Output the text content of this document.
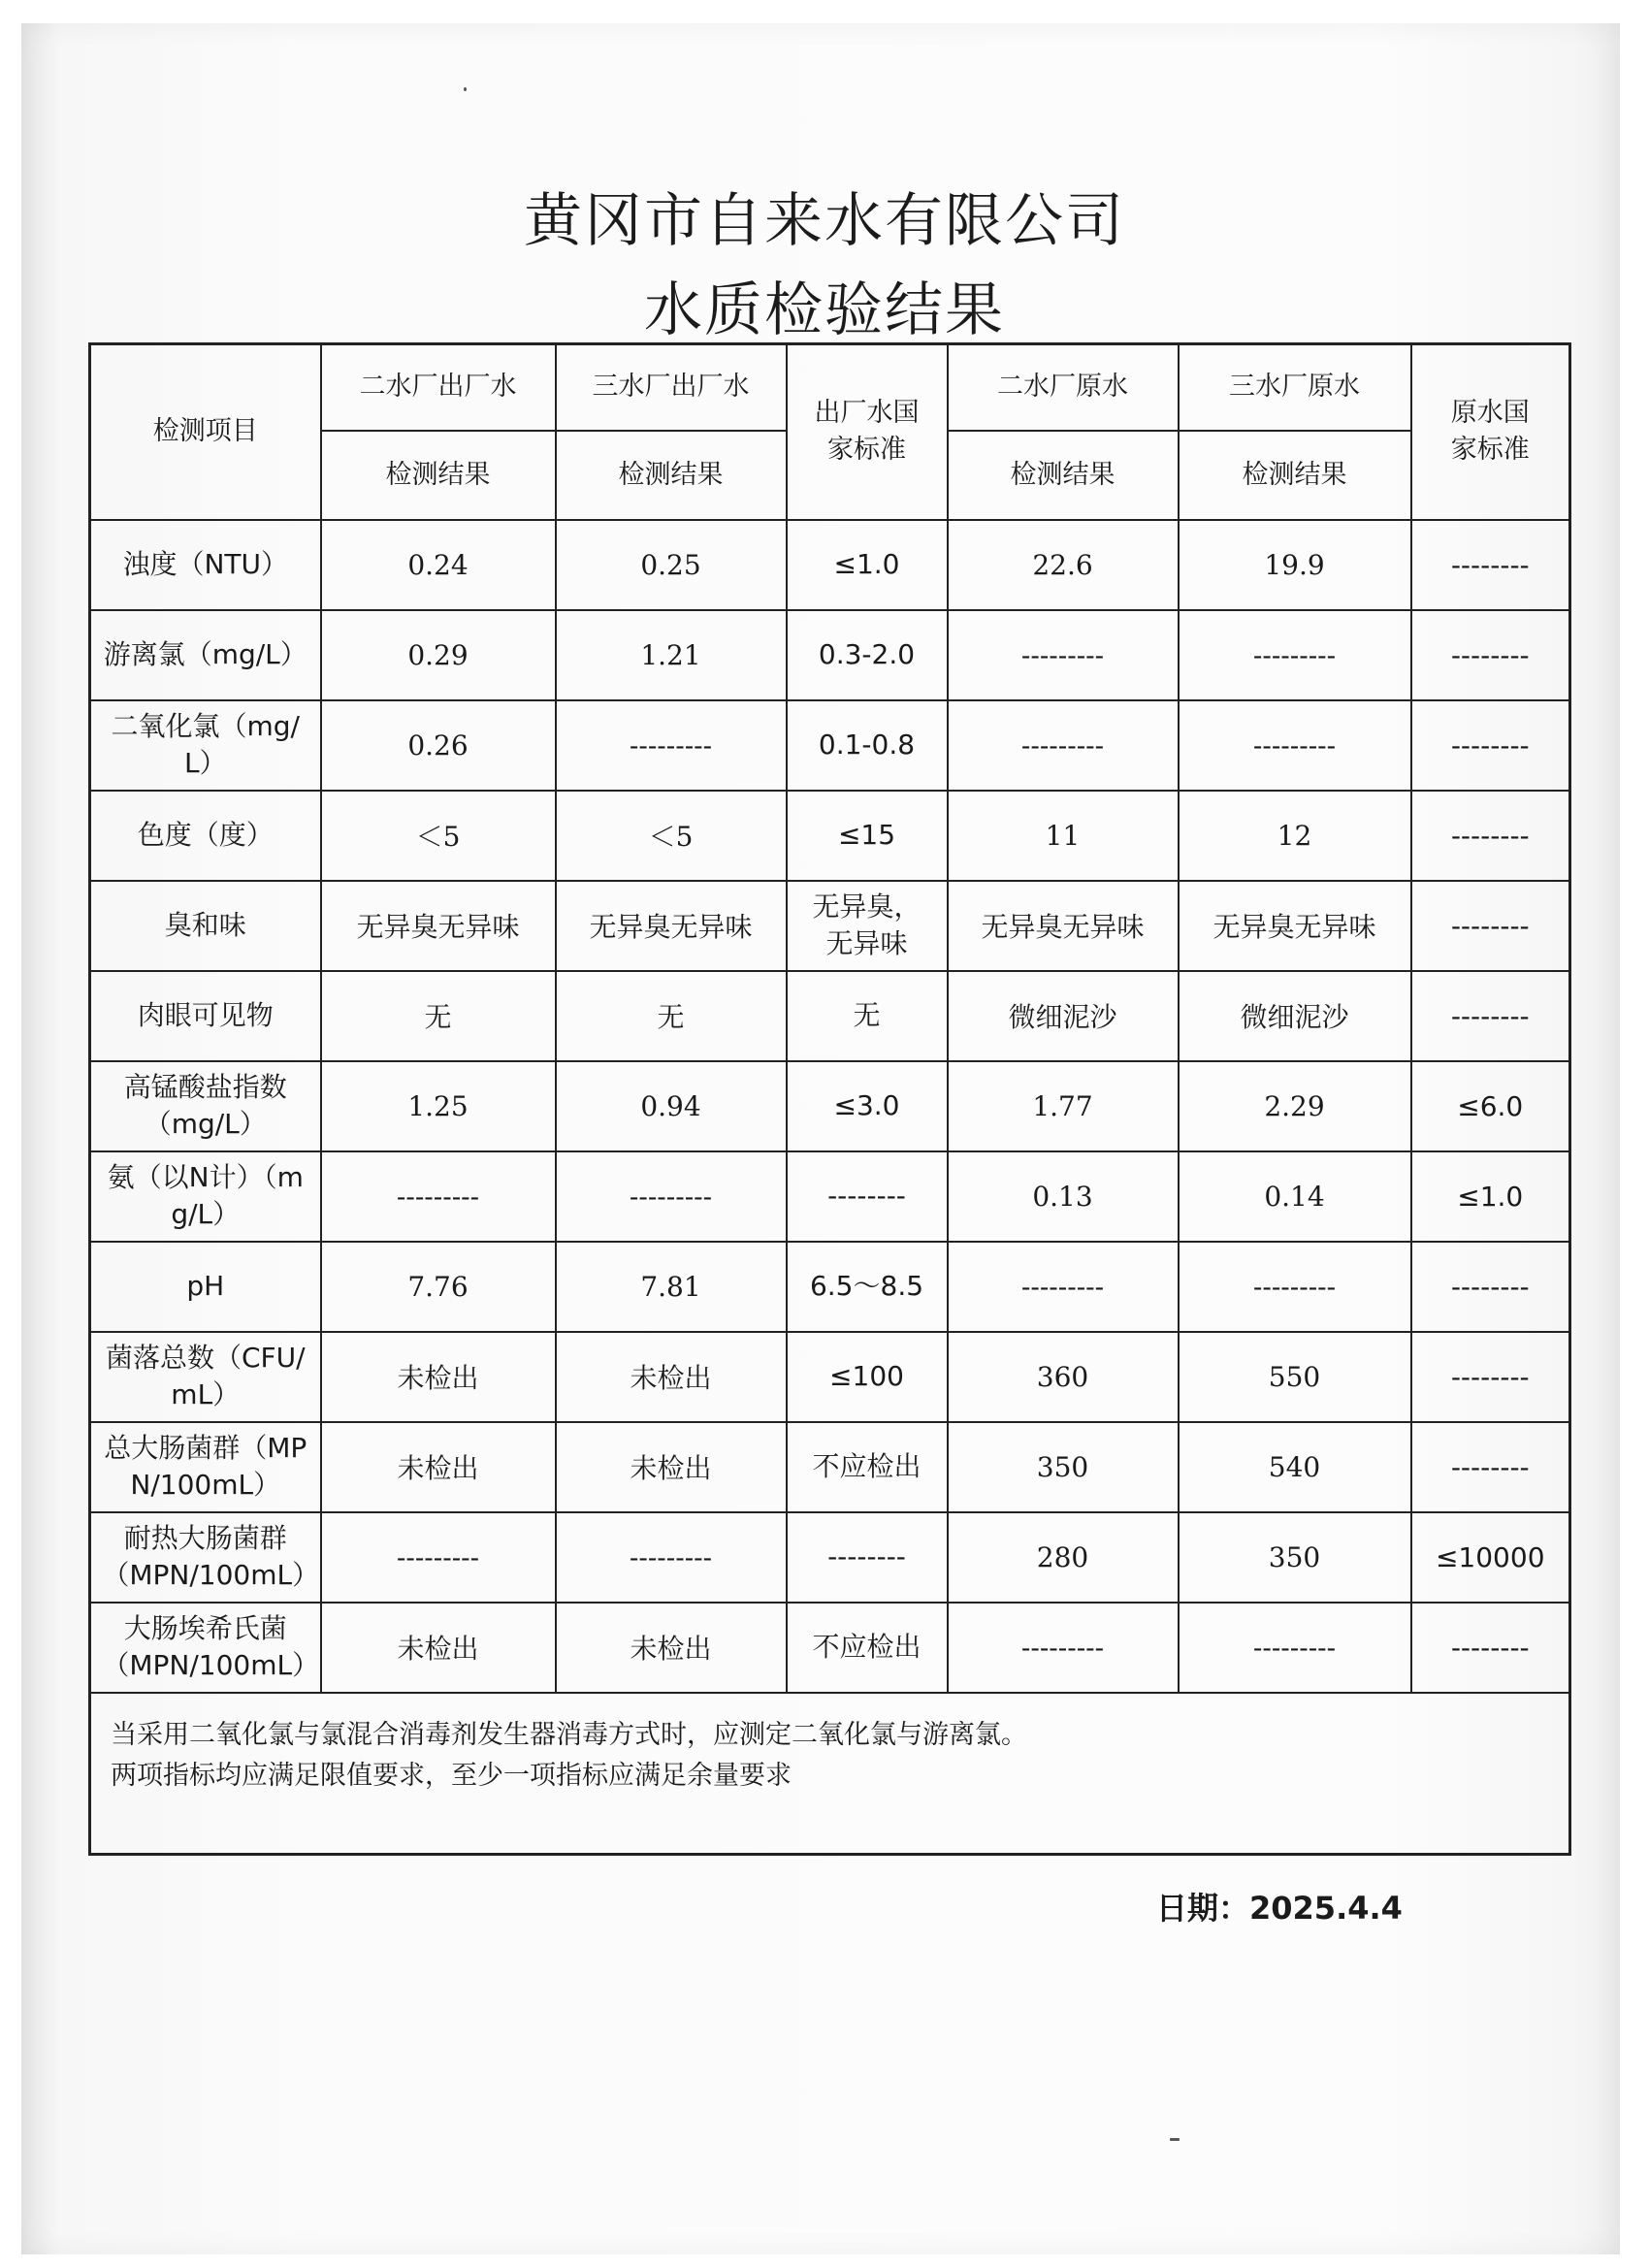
黄冈市自来水有限公司
水质检验结果
检测项目	二水厂出厂水	三水厂出厂水	出厂水国家标准	二水厂原水	三水厂原水	原水国家标准
	检测结果	检测结果		检测结果	检测结果	
浊度（NTU）	0.24	0.25	≤1.0	22.6	19.9	--------
游离氯（mg/L）	0.29	1.21	0.3-2.0	---------	---------	--------
二氧化氯（mg/L）	0.26	---------	0.1-0.8	---------	---------	--------
色度（度）	＜5	＜5	≤15	11	12	--------
臭和味	无异臭无异味	无异臭无异味	无异臭，无异味	无异臭无异味	无异臭无异味	--------
肉眼可见物	无	无	无	微细泥沙	微细泥沙	--------
高锰酸盐指数（mg/L）	1.25	0.94	≤3.0	1.77	2.29	≤6.0
氨（以N计）（mg/L）	---------	---------	--------	0.13	0.14	≤1.0
pH	7.76	7.81	6.5～8.5	---------	---------	--------
菌落总数（CFU/mL）	未检出	未检出	≤100	360	550	--------
总大肠菌群（MPN/100mL）	未检出	未检出	不应检出	350	540	--------
耐热大肠菌群（MPN/100mL）	---------	---------	--------	280	350	≤10000
大肠埃希氏菌（MPN/100mL）	未检出	未检出	不应检出	---------	---------	--------

当采用二氧化氯与氯混合消毒剂发生器消毒方式时，应测定二氧化氯与游离氯。
两项指标均应满足限值要求，至少一项指标应满足余量要求						
日期：2025.4.4
